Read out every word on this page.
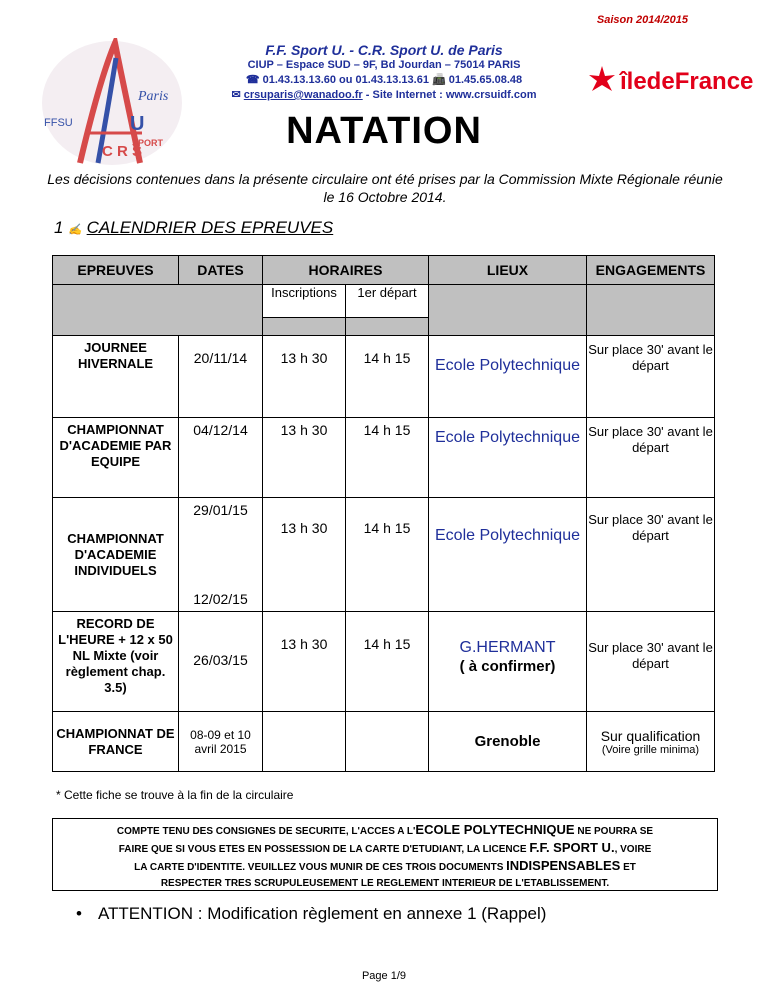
Saison 2014/2015
FFSU
Paris
U
C R S
SPORT
F.F. Sport U. - C.R. Sport U. de Paris
CIUP – Espace SUD – 9F, Bd Jourdan – 75014 PARIS
☎ 01.43.13.13.60 ou 01.43.13.13.61 📠 01.45.65.08.48
✉ crsuparis@wanadoo.fr - Site Internet : www.crsuidf.com	îledeFrance
NATATION
Les décisions contenues dans la présente circulaire ont été prises par la Commission Mixte Régionale réunie le 16 Octobre 2014.
1 ✍ CALENDRIER DES EPREUVES
EPREUVES	DATES	HORAIRES		LIEUX	ENGAGEMENTS
		Inscriptions	1er départ		

JOURNEE HIVERNALE	20/11/14	13 h 30	14 h 15	Ecole Polytechnique	Sur place 30' avant le départ
CHAMPIONNAT D'ACADEMIE PAR EQUIPE	04/12/14	13 h 30	14 h 15	Ecole Polytechnique	Sur place 30' avant le départ
CHAMPIONNAT D'ACADEMIE INDIVIDUELS	29/01/15
12/02/15	13 h 30	14 h 15	Ecole Polytechnique	Sur place 30' avant le départ
RECORD DE L'HEURE + 12 x 50 NL Mixte (voir règlement chap. 3.5)	26/03/15	13 h 30	14 h 15	G.HERMANT
( à confirmer)	Sur place 30' avant le départ
CHAMPIONNAT DE FRANCE	08-09 et 10 avril 2015			Grenoble	Sur qualification
(Voire grille minima)
* Cette fiche se trouve à la fin de la circulaire
COMPTE TENU DES CONSIGNES DE SECURITE, L'ACCES A L'ECOLE POLYTECHNIQUE NE POURRA SE
FAIRE QUE SI VOUS ETES EN POSSESSION DE LA CARTE D'ETUDIANT, LA LICENCE F.F. SPORT U., VOIRE
LA CARTE D'IDENTITE. VEUILLEZ VOUS MUNIR DE CES TROIS DOCUMENTS INDISPENSABLES ET
RESPECTER TRES SCRUPULEUSEMENT LE REGLEMENT INTERIEUR DE L'ETABLISSEMENT.
• ATTENTION : Modification règlement en annexe 1 (Rappel)
Page 1/9
